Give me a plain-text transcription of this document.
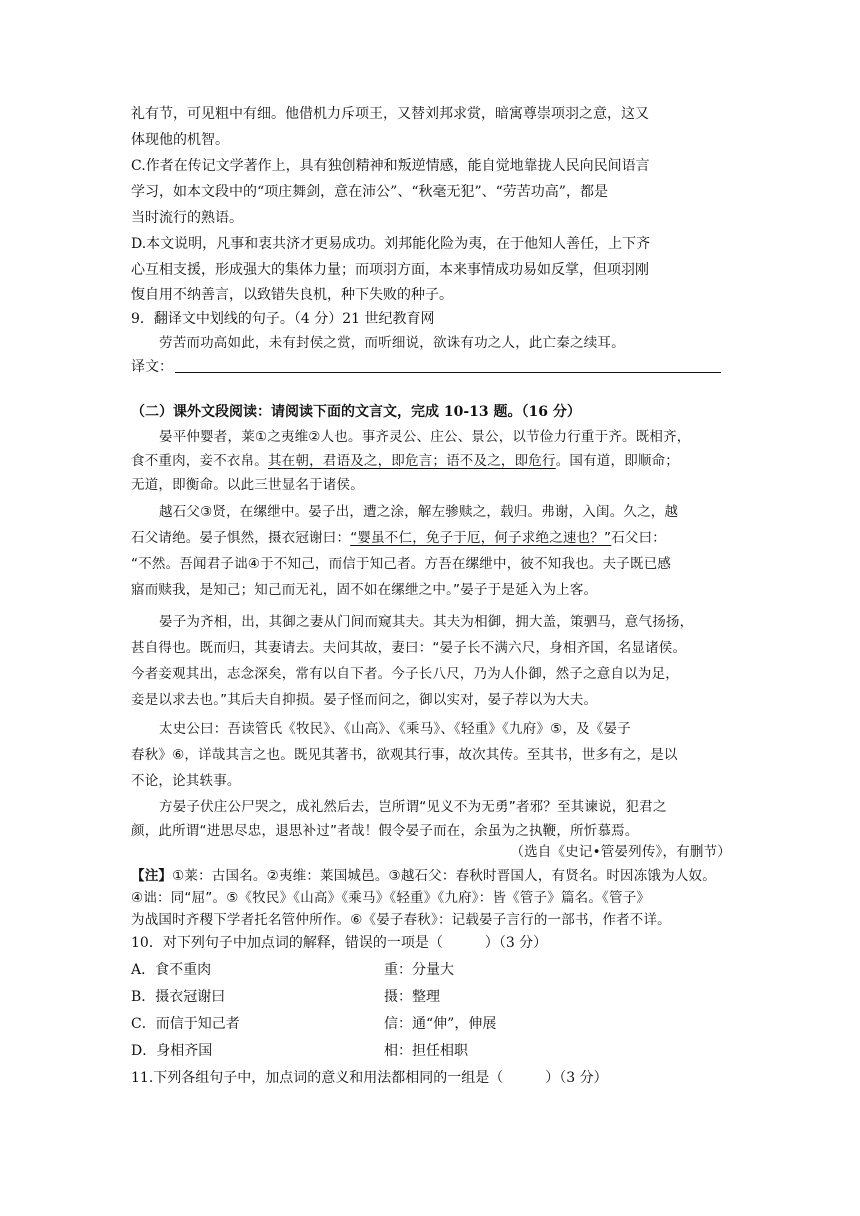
礼有节，可见粗中有细。他借机力斥项王，又替刘邦求赏，暗寓尊崇项羽之意，这又
体现他的机智。
C.作者在传记文学著作上，具有独创精神和叛逆情感，能自觉地靠拢人民向民间语言
学习，如本文段中的“项庄舞剑，意在沛公”、“秋毫无犯”、“劳苦功高”，都是
当时流行的熟语。
D.本文说明，凡事和衷共济才更易成功。刘邦能化险为夷，在于他知人善任，上下齐
心互相支援，形成强大的集体力量；而项羽方面，本来事情成功易如反掌，但项羽刚
愎自用不纳善言，以致错失良机，种下失败的种子。
9．翻译文中划线的句子。（4 分）21 世纪教育网
劳苦而功高如此，未有封侯之赏，而听细说，欲诛有功之人，此亡秦之续耳。
译文：
（二）课外文段阅读：请阅读下面的文言文，完成 10-13 题。（16 分）
晏平仲婴者，莱①之夷维②人也。事齐灵公、庄公、景公，以节俭力行重于齐。既相齐，
食不重肉，妾不衣帛。其在朝，君语及之，即危言；语不及之，即危行。国有道，即顺命；
无道，即衡命。以此三世显名于诸侯。
越石父③贤，在缧绁中。晏子出，遭之涂，解左骖赎之，载归。弗谢，入闺。久之，越
石父请绝。晏子惧然，摄衣冠谢曰：“婴虽不仁，免子于厄，何子求绝之速也？”石父曰：
“不然。吾闻君子诎④于不知己，而信于知己者。方吾在缧绁中，彼不知我也。夫子既已感
寤而赎我，是知己；知己而无礼，固不如在缧绁之中。”晏子于是延入为上客。
晏子为齐相，出，其御之妻从门间而窥其夫。其夫为相御，拥大盖，策驷马，意气扬扬，
甚自得也。既而归，其妻请去。夫问其故，妻曰：“晏子长不满六尺，身相齐国，名显诸侯。
今者妾观其出，志念深矣，常有以自下者。今子长八尺，乃为人仆御，然子之意自以为足，
妾是以求去也。”其后夫自抑损。晏子怪而问之，御以实对，晏子荐以为大夫。
太史公曰：吾读管氏《牧民》、《山高》、《乘马》、《轻重》《九府》⑤，及《晏子
春秋》⑥，详哉其言之也。既见其著书，欲观其行事，故次其传。至其书，世多有之，是以
不论，论其轶事。
方晏子伏庄公尸哭之，成礼然后去，岂所谓“见义不为无勇”者邪？至其谏说，犯君之
颜，此所谓“进思尽忠，退思补过”者哉！假令晏子而在，余虽为之执鞭，所忻慕焉。
（选自《史记•管晏列传》，有删节）
【注】①莱：古国名。②夷维：莱国城邑。③越石父：春秋时晋国人，有贤名。时因冻饿为人奴。
④诎：同“屈”。⑤《牧民》《山高》《乘马》《轻重》《九府》：皆《管子》篇名。《管子》
为战国时齐稷下学者托名管仲所作。⑥《晏子春秋》：记载晏子言行的一部书，作者不详。
10．对下列句子中加点词的解释，错误的一项是（　　　）（3 分）
A．食不重肉	重：分量大
B．摄衣冠谢曰	摄：整理
C．而信于知己者	信：通“伸”，伸展
D．身相齐国	相：担任相职
11.下列各组句子中，加点词的意义和用法都相同的一组是（　　　）（3 分）
